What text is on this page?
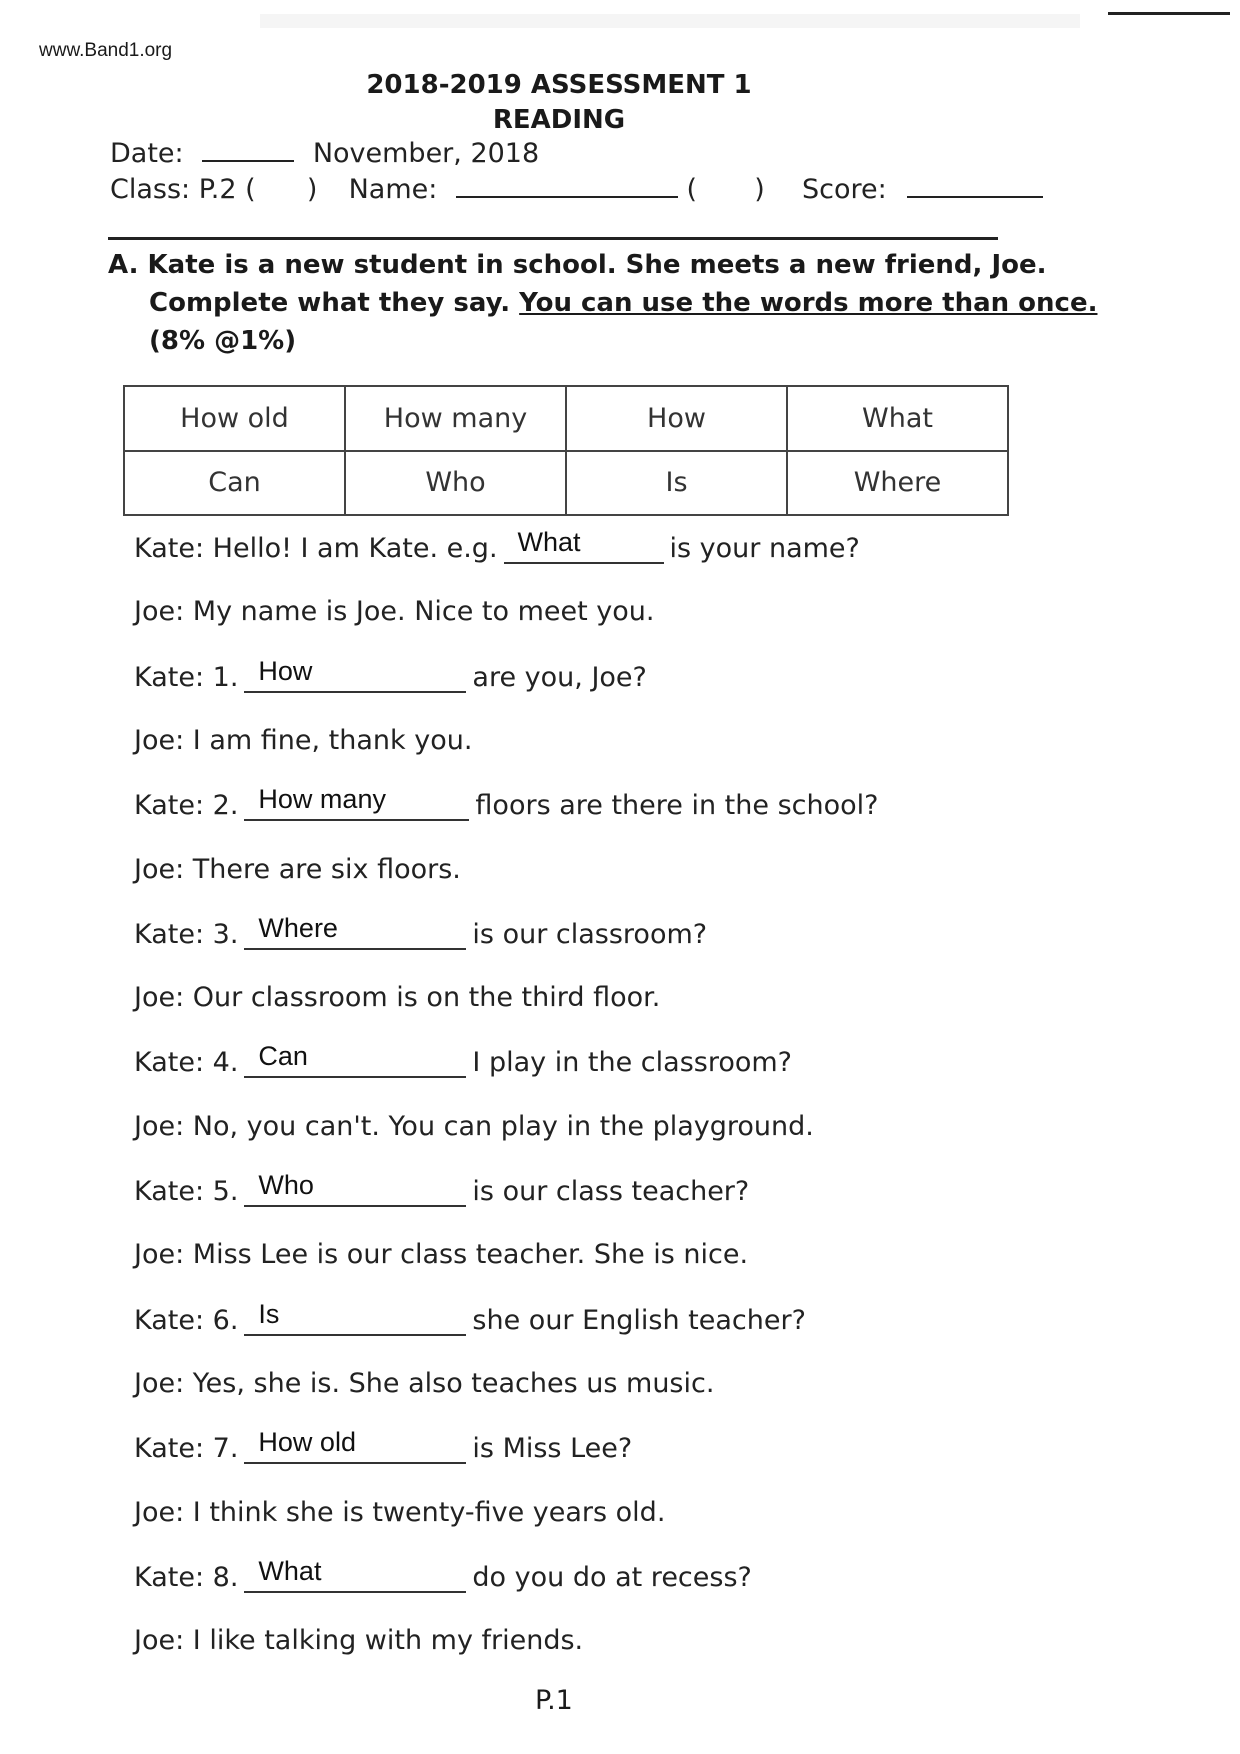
www.Band1.org
2018-2019 ASSESSMENT 1
READING
Date:	November, 2018
Class: P.2 ( ) Name:	( ) Score:
A. Kate is a new student in school. She meets a new friend, Joe.
Complete what they say. You can use the words more than once.
(8% @1%)
How old	How many	How	What
Can	Who	Is	Where
Kate: Hello! I am Kate. e.g. What	is your name?
Joe: My name is Joe. Nice to meet you.
Kate: 1. How	are you, Joe?
Joe: I am fine, thank you.
Kate: 2. How many	floors are there in the school?
Joe: There are six floors.
Kate: 3. Where	is our classroom?
Joe: Our classroom is on the third floor.
Kate: 4. Can	I play in the classroom?
Joe: No, you can't. You can play in the playground.
Kate: 5. Who	is our class teacher?
Joe: Miss Lee is our class teacher. She is nice.
Kate: 6. Is	she our English teacher?
Joe: Yes, she is. She also teaches us music.
Kate: 7. How old	is Miss Lee?
Joe: I think she is twenty-five years old.
Kate: 8. What	do you do at recess?
Joe: I like talking with my friends.
P.1
